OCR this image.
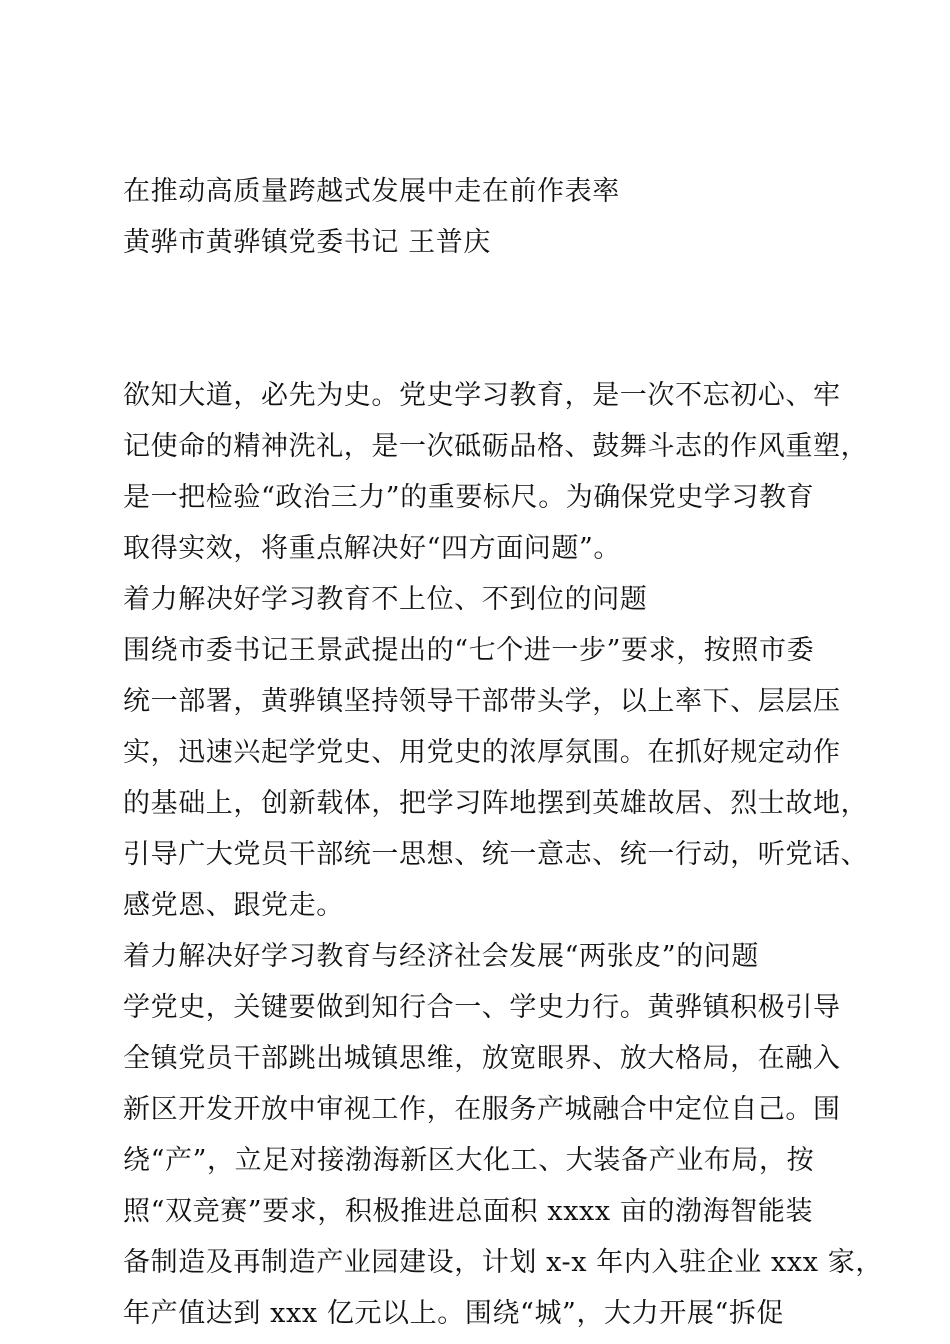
在推动高质量跨越式发展中走在前作表率
黄骅市黄骅镇党委书记 王普庆
欲知大道，必先为史。党史学习教育，是一次不忘初心、牢
记使命的精神洗礼，是一次砥砺品格、鼓舞斗志的作风重塑，
是一把检验“政治三力”的重要标尺。为确保党史学习教育
取得实效，将重点解决好“四方面问题”。
着力解决好学习教育不上位、不到位的问题
围绕市委书记王景武提出的“七个进一步”要求，按照市委
统一部署，黄骅镇坚持领导干部带头学，以上率下、层层压
实，迅速兴起学党史、用党史的浓厚氛围。在抓好规定动作
的基础上，创新载体，把学习阵地摆到英雄故居、烈士故地，
引导广大党员干部统一思想、统一意志、统一行动，听党话、
感党恩、跟党走。
着力解决好学习教育与经济社会发展“两张皮”的问题
学党史，关键要做到知行合一、学史力行。黄骅镇积极引导
全镇党员干部跳出城镇思维，放宽眼界、放大格局，在融入
新区开发开放中审视工作，在服务产城融合中定位自己。围
绕“产”，立足对接渤海新区大化工、大装备产业布局，按
照“双竞赛”要求，积极推进总面积 xxxx 亩的渤海智能装
备制造及再制造产业园建设，计划 x-x 年内入驻企业 xxx 家，
年产值达到 xxx 亿元以上。围绕“城”，大力开展“拆促
